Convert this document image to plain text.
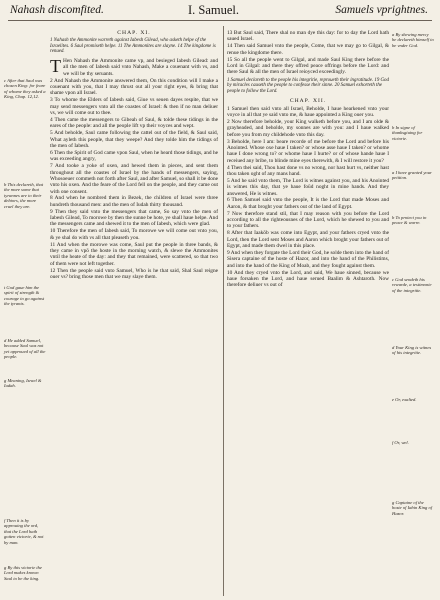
Nahash discomfited.	I. Samuel.	Samuels vprightnes.
c After that Saul was chosen King: for feare of whome they asked a King, Chap. 12,12.
b This declareth, that the more some that tyrannes are to their debtors, the more cruel they are.
t God gaue him the spirit of strength & courage to go against the tyrants.
d He added Samuel, because Saul was not yet approued of all the people.
g Meaning, Israel & Iudah.
f Then it is by approuing the ord, that the Lord hath gotten victorie, & not by man.
g By this victorie the Lord makes known Saul to be the king.
CHAP. XI.
1 Nahash the Ammonite warreth against Iabesh Gilead, who asketh helpe of the Israelites. 6 Saul promiseth helpe. 11 The Ammonites are slayne. 14 The kingdome is renued.

T Hen Nahash the Ammonite came vp, and besieged Iabesh Gilead: and all the men of Iabesh said vnto Nahash, Make a couenant with vs, and we will be thy seruants.

2 And Nahash the Ammonite answered them, On this condition will I make a couenant with you, that I may thrust out all your right eyes, & bring that shame vpon all Israel.

3 To whome the Elders of Iabesh said, Giue vs seuen dayes respite, that we may send messengers vnto all the coastes of Israel: & then if no man deliuer vs, we will come out to thee.

4 Then came the messengers to Gibeah of Saul, & tolde these tidings in the eares of the people: and all the people lift vp their voyces and wept.

5 And beholde, Saul came following the cattel out of the field, & Saul said, What ayleth this people, that they weepe? And they tolde him the tidings of the men of Iabesh.

6 Then the Spirit of God came vpon Saul, when he heard those tidings, and he was exceeding angry,

7 And tooke a yoke of oxen, and hewed them in pieces, and sent them throughout all the coastes of Israel by the hands of messengers, saying, Whosoeuer commeth not forth after Saul, and after Samuel, so shall it be done vnto his oxen. And the feare of the Lord fell on the people, and they came out with one consent.

8 And when he nombred them in Bezek, the children of Israel were three hundreth thousand men: and the men of Iudah thirty thousand.

9 Then they said vnto the messengers that came, So say vnto the men of Iabesh Gilead, To morowe by then the sunne be hote, ye shall haue helpe. And the messengers came and shewed it to the men of Iabesh, which were glad.

10 Therefore the men of Iabesh said, To morowe we will come out vnto you, & ye shal do with vs all that pleaseth you.

11 And when the morowe was come, Saul put the people in three bands, & they came in vpō the hoste in the morning watch, & slewe the Ammonites vntil the heate of the day: and they that remained, were scattered, so that two of them were not left together.

12 Then the people said vnto Samuel, Who is he that said, Shal Saul reigne ouer vs? bring those men that we may slaye them.

13 But Saul said, There shal no man dye this day: for to day the Lord hath saued Israel.

14 Then said Samuel vnto the people, Come, that we may go to Gilgal, & renue the kingdome there.

15 So all the people went to Gilgal, and made Saul King there before the Lord in Gilgal: and there they offred peace offrings before the Lord: and there Saul & all the men of Israel reioyced exceedingly.

1 Samuel declareth to the people his integritie, reproueth their ingratitude. 19 God by miracles causeth the people to confesse their sinne. 20 Samuel exhorteth the people to follow the Lord.
CHAP. XII.

1 Samuel then said vnto all Israel, Beholde, I haue hearkened vnto your voyce in all that ye said vnto me, & haue appointed a King ouer you.

2 Now therefore beholde, your King walketh before you, and I am olde & grayheaded, and beholde, my sonnes are with you: and I haue walked before you from my childehode vnto this day.

3 Beholde, here I am: beare recorde of me before the Lord and before his Anointed. Whose oxe haue I taken? or whose asse haue I taken? or whome haue I done wrong to? or whome haue I hurte? or of whose hande haue I receiued any bribe, to blinde mine eyes therewith, & I will restore it you?

4 Then thei said, Thou hast done vs no wrong, nor hast hurt vs, neither hast thou taken oght of any mans hand.

5 And he said vnto them, The Lord is witnes against you, and his Anointed is witnes this day, that ye haue foūd noght in mine hands. And they answered, He is witnes.

6 Then Samuel said vnto the people, It is the Lord that made Moses and Aaron, & that broght your fathers out of the land of Egypt.

7 Now therefore stand stil, that I may reason with you before the Lord according to all the righteousnes of the Lord, which he shewed to you and to your fathers.

8 After that Iaakōb was come into Egypt, and your fathers cryed vnto the Lord, then the Lord sent Moses and Aaron which broght your fathers out of Egypt, and made them dwel in this place.

9 And when they forgate the Lord their God, he solde them into the hand of Sisera captaine of the hoste of Hazor, and into the hand of the Philistims, and into the hand of the King of Moab, and they fought against them.

10 And they cryed vnto the Lord, and said, We haue sinned, because we haue forsaken the Lord, and haue serued Baalim & Ashtaroth. Now therefore deliuer vs out of

a By shewing mercy he declareth himself to be vnder God.
b In signe of thanksgiuing for victorie.
a I have granted your petition.
b To protect you in peace & warre.
c God sendeth his rewarde, a testimonie of the integritie.
d Your King is witnes of his integritie.
e Or, exalted.
f Or, wel.
g Captaine of the hoste of Iabin King of Hazor.
